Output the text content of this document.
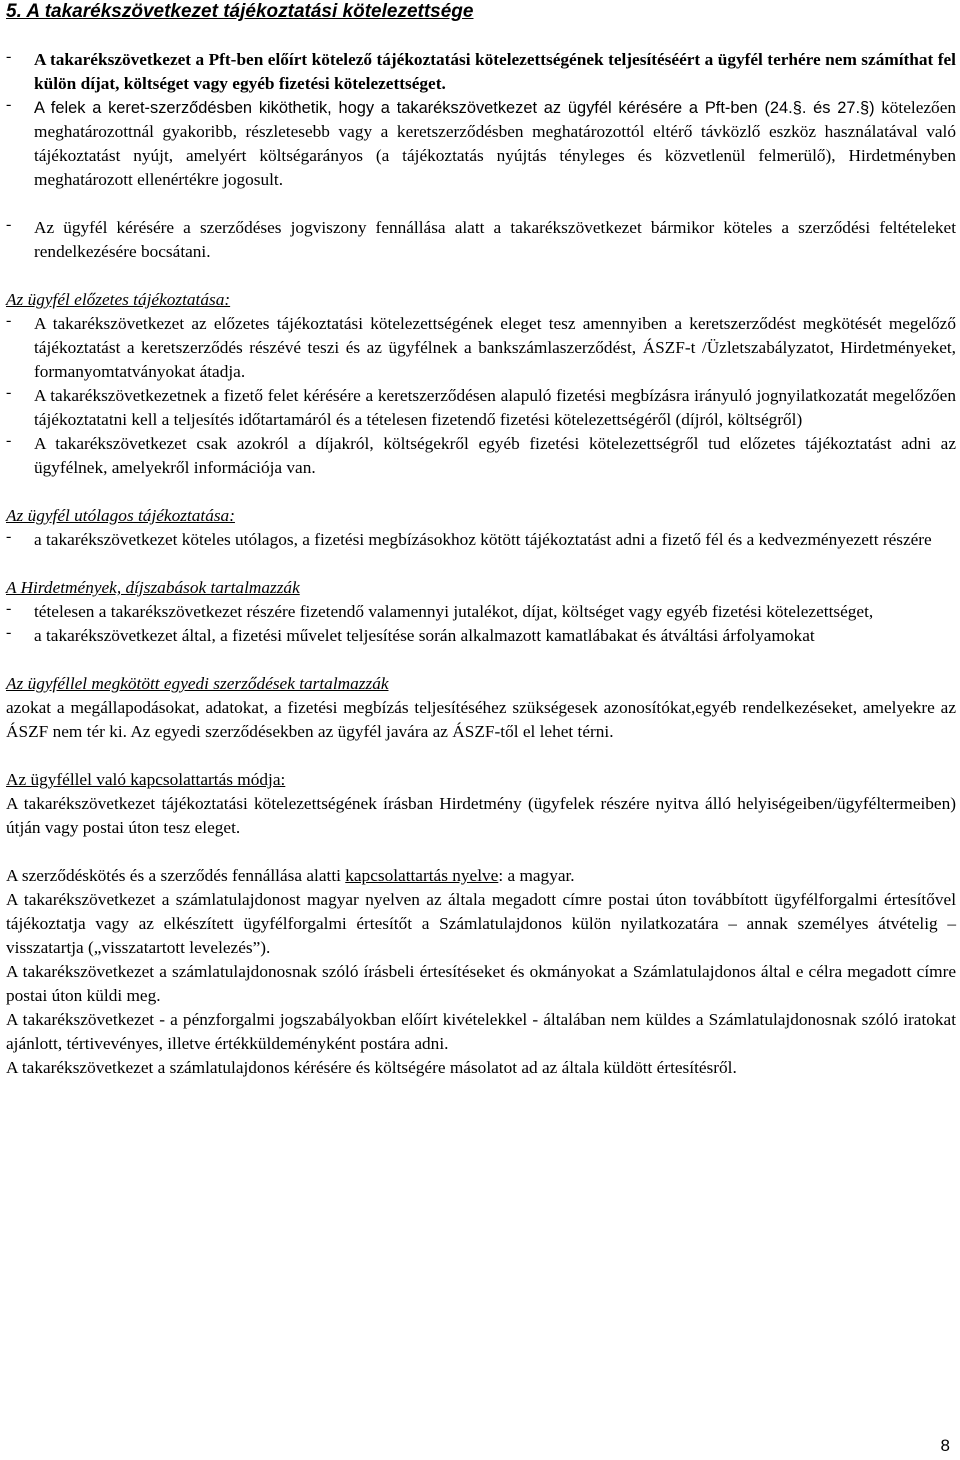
5. A takarékszövetkezet tájékoztatási kötelezettsége
-	A takarékszövetkezet a Pft-ben előírt kötelező tájékoztatási kötelezettségének teljesítéséért a ügyfél terhére nem számíthat fel külön díjat, költséget vagy egyéb fizetési kötelezettséget.

-	A felek a keret-szerződésben kiköthetik, hogy a takarékszövetkezet az ügyfél kérésére a Pft-ben (24.§. és 27.§) kötelezően meghatározottnál gyakoribb, részletesebb vagy a keretszerződésben meghatározottól eltérő távközlő eszköz használatával való tájékoztatást nyújt, amelyért költségarányos (a tájékoztatás nyújtás tényleges és közvetlenül felmerülő), Hirdetményben meghatározott ellenértékre jogosult.

-	Az ügyfél kérésére a szerződéses jogviszony fennállása alatt a takarékszövetkezet bármikor köteles a szerződési feltételeket rendelkezésére bocsátani.

Az ügyfél előzetes tájékoztatása:

-	A takarékszövetkezet az előzetes tájékoztatási kötelezettségének eleget tesz amennyiben a keretszerződést megkötését megelőző tájékoztatást a keretszerződés részévé teszi és az ügyfélnek a bankszámlaszerződést, ÁSZF-t /Üzletszabályzatot, Hirdetményeket, formanyomtatványokat átadja.

-	A takarékszövetkezetnek a fizető felet kérésére a keretszerződésen alapuló fizetési megbízásra irányuló jognyilatkozatát megelőzően tájékoztatatni kell a teljesítés időtartamáról és a tételesen fizetendő fizetési kötelezettségéről (díjról, költségről)

-	A takarékszövetkezet csak azokról a díjakról, költségekről egyéb fizetési kötelezettségről tud előzetes tájékoztatást adni az ügyfélnek, amelyekről információja van.

Az ügyfél utólagos tájékoztatása:

-	a takarékszövetkezet köteles utólagos, a fizetési megbízásokhoz kötött tájékoztatást adni a fizető fél és a kedvezményezett részére

A Hirdetmények, díjszabások tartalmazzák

-	tételesen a takarékszövetkezet részére fizetendő valamennyi jutalékot, díjat, költséget vagy egyéb fizetési kötelezettséget,

-	a takarékszövetkezet által, a fizetési művelet teljesítése során alkalmazott kamatlábakat és átváltási árfolyamokat

Az ügyféllel megkötött egyedi szerződések tartalmazzák

azokat a megállapodásokat, adatokat, a fizetési megbízás teljesítéséhez szükségesek azonosítókat,egyéb rendelkezéseket, amelyekre az ÁSZF nem tér ki. Az egyedi szerződésekben az ügyfél javára az ÁSZF-től el lehet térni.

Az ügyféllel való kapcsolattartás módja:

A takarékszövetkezet tájékoztatási kötelezettségének írásban Hirdetmény (ügyfelek részére nyitva álló helyiségeiben/ügyféltermeiben) útján vagy postai úton tesz eleget.

A szerződéskötés és a szerződés fennállása alatti kapcsolattartás nyelve: a magyar.

A takarékszövetkezet a számlatulajdonost magyar nyelven az általa megadott címre postai úton továbbított ügyfélforgalmi értesítővel tájékoztatja vagy az elkészített ügyfélforgalmi értesítőt a Számlatulajdonos külön nyilatkozatára – annak személyes átvételig – visszatartja („visszatartott levelezés”).

A takarékszövetkezet a számlatulajdonosnak szóló írásbeli értesítéseket és okmányokat a Számlatulajdonos által e célra megadott címre postai úton küldi meg.

A takarékszövetkezet - a pénzforgalmi jogszabályokban előírt kivételekkel - általában nem küldes a Számlatulajdonosnak szóló iratokat ajánlott, tértivevényes, illetve értékküldeményként postára adni.

A takarékszövetkezet a számlatulajdonos kérésére és költségére másolatot ad az általa küldött értesítésről.

8
